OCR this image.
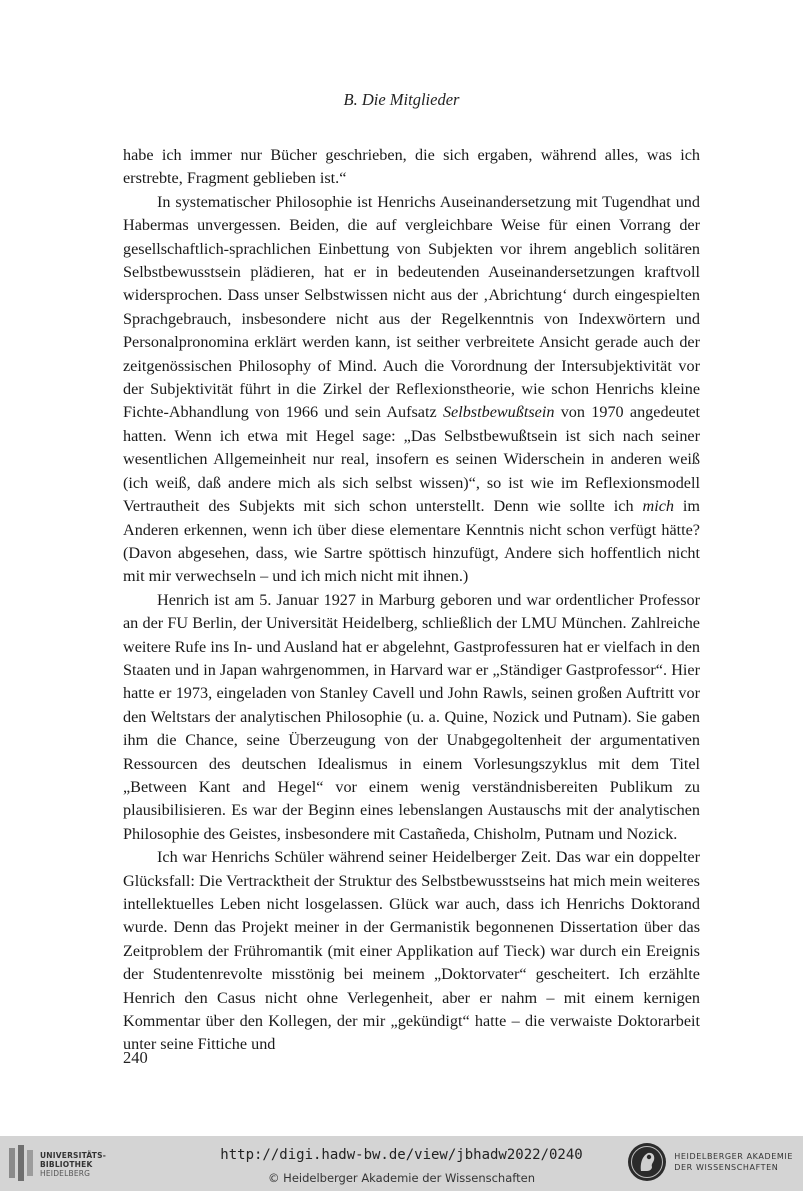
B. Die Mitglieder

habe ich immer nur Bücher geschrieben, die sich ergaben, während alles, was ich erstrebte, Fragment geblieben ist.“

In systematischer Philosophie ist Henrichs Auseinandersetzung mit Tugendhat und Habermas unvergessen. Beiden, die auf vergleichbare Weise für einen Vorrang der gesellschaftlich-sprachlichen Einbettung von Subjekten vor ihrem angeblich solitären Selbstbewusstsein plädieren, hat er in bedeutenden Auseinandersetzungen kraftvoll widersprochen. Dass unser Selbstwissen nicht aus der ‚Abrichtung‘ durch eingespielten Sprachgebrauch, insbesondere nicht aus der Regelkenntnis von Indexwörtern und Personalpronomina erklärt werden kann, ist seither verbreitete Ansicht gerade auch der zeitgenössischen Philosophy of Mind. Auch die Vorordnung der Intersubjektivität vor der Subjektivität führt in die Zirkel der Reflexionstheorie, wie schon Henrichs kleine Fichte-Abhandlung von 1966 und sein Aufsatz Selbstbewußtsein von 1970 angedeutet hatten. Wenn ich etwa mit Hegel sage: „Das Selbstbewußtsein ist sich nach seiner wesentlichen Allgemeinheit nur real, insofern es seinen Widerschein in anderen weiß (ich weiß, daß andere mich als sich selbst wissen)“, so ist wie im Reflexionsmodell Vertrautheit des Subjekts mit sich schon unterstellt. Denn wie sollte ich mich im Anderen erkennen, wenn ich über diese elementare Kenntnis nicht schon verfügt hätte? (Davon abgesehen, dass, wie Sartre spöttisch hinzufügt, Andere sich hoffentlich nicht mit mir verwechseln – und ich mich nicht mit ihnen.)

Henrich ist am 5. Januar 1927 in Marburg geboren und war ordentlicher Professor an der FU Berlin, der Universität Heidelberg, schließlich der LMU München. Zahlreiche weitere Rufe ins In- und Ausland hat er abgelehnt, Gastprofessuren hat er vielfach in den Staaten und in Japan wahrgenommen, in Harvard war er „Ständiger Gastprofessor“. Hier hatte er 1973, eingeladen von Stanley Cavell und John Rawls, seinen großen Auftritt vor den Weltstars der analytischen Philosophie (u. a. Quine, Nozick und Putnam). Sie gaben ihm die Chance, seine Überzeugung von der Unabgegoltenheit der argumentativen Ressourcen des deutschen Idealismus in einem Vorlesungszyklus mit dem Titel „Between Kant and Hegel“ vor einem wenig verständnisbereiten Publikum zu plausibilisieren. Es war der Beginn eines lebenslangen Austauschs mit der analytischen Philosophie des Geistes, insbesondere mit Castañeda, Chisholm, Putnam und Nozick.

Ich war Henrichs Schüler während seiner Heidelberger Zeit. Das war ein doppelter Glücksfall: Die Vertracktheit der Struktur des Selbstbewusstseins hat mich mein weiteres intellektuelles Leben nicht losgelassen. Glück war auch, dass ich Henrichs Doktorand wurde. Denn das Projekt meiner in der Germanistik begonnenen Dissertation über das Zeitproblem der Frühromantik (mit einer Applikation auf Tieck) war durch ein Ereignis der Studentenrevolte misstönig bei meinem „Doktorvater“ gescheitert. Ich erzählte Henrich den Casus nicht ohne Verlegenheit, aber er nahm – mit einem kernigen Kommentar über den Kollegen, der mir „gekündigt“ hatte – die verwaiste Doktorarbeit unter seine Fittiche und

240
UNIVERSITÄTS-
BIBLIOTHEK
HEIDELBERG
http://digi.hadw-bw.de/view/jbhadw2022/0240
© Heidelberger Akademie der Wissenschaften
HEIDELBERGER AKADEMIE
DER WISSENSCHAFTEN
